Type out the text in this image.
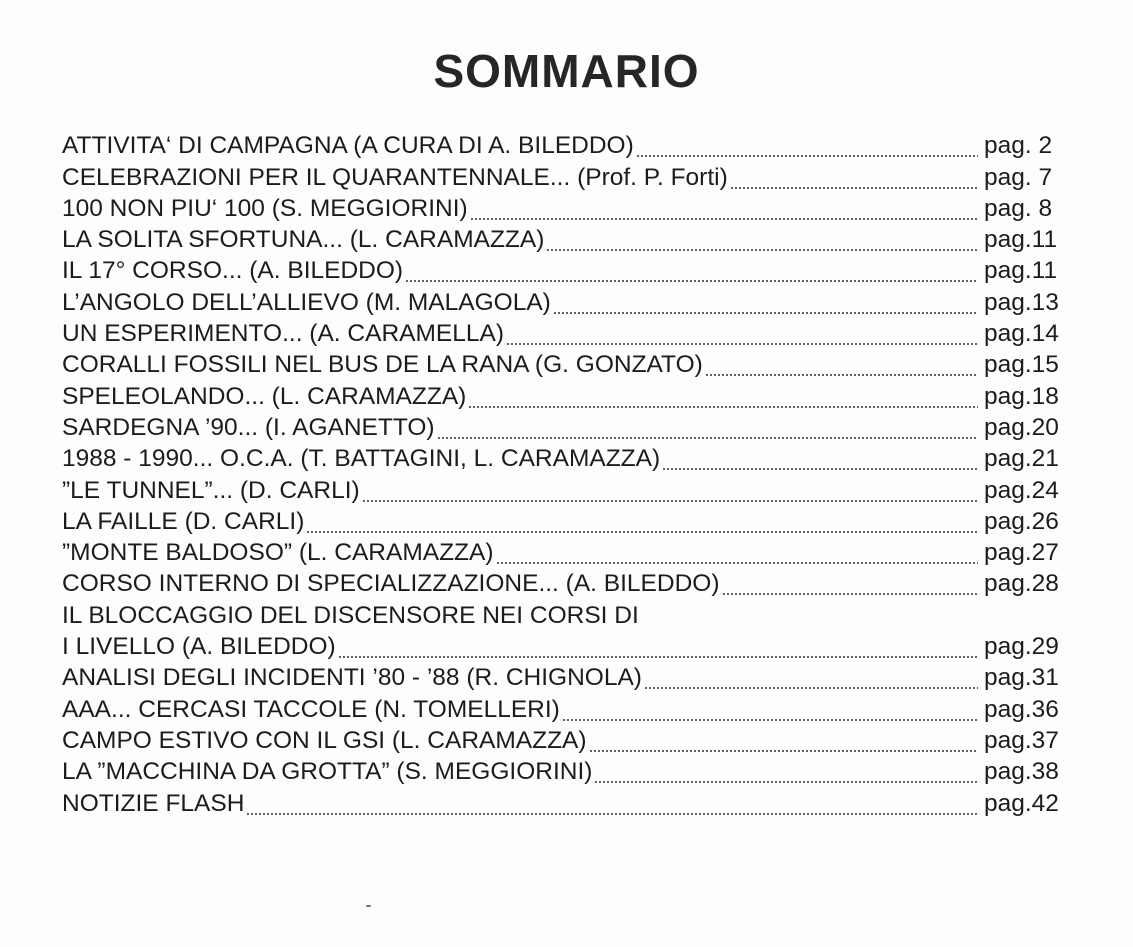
SOMMARIO
ATTIVITA‘ DI CAMPAGNA (A CURA DI A. BILEDDO)	pag. 2
CELEBRAZIONI PER IL QUARANTENNALE... (Prof. P. Forti)	pag. 7
100 NON PIU‘ 100 (S. MEGGIORINI)	pag. 8
LA SOLITA SFORTUNA... (L. CARAMAZZA)	pag.11
IL 17° CORSO... (A. BILEDDO)	pag.11
L’ANGOLO DELL’ALLIEVO (M. MALAGOLA)	pag.13
UN ESPERIMENTO... (A. CARAMELLA)	pag.14
CORALLI FOSSILI NEL BUS DE LA RANA (G. GONZATO)	pag.15
SPELEOLANDO... (L. CARAMAZZA)	pag.18
SARDEGNA ’90... (I. AGANETTO)	pag.20
1988 - 1990... O.C.A. (T. BATTAGINI, L. CARAMAZZA)	pag.21
”LE TUNNEL”... (D. CARLI)	pag.24
LA FAILLE (D. CARLI)	pag.26
”MONTE BALDOSO” (L. CARAMAZZA)	pag.27
CORSO INTERNO DI SPECIALIZZAZIONE... (A. BILEDDO)	pag.28
IL BLOCCAGGIO DEL DISCENSORE NEI CORSI DI
I LIVELLO (A. BILEDDO)	pag.29
ANALISI DEGLI INCIDENTI ’80 - ’88 (R. CHIGNOLA)	pag.31
AAA... CERCASI TACCOLE (N. TOMELLERI)	pag.36
CAMPO ESTIVO CON IL GSI (L. CARAMAZZA)	pag.37
LA ”MACCHINA DA GROTTA” (S. MEGGIORINI)	pag.38
NOTIZIE FLASH	pag.42
